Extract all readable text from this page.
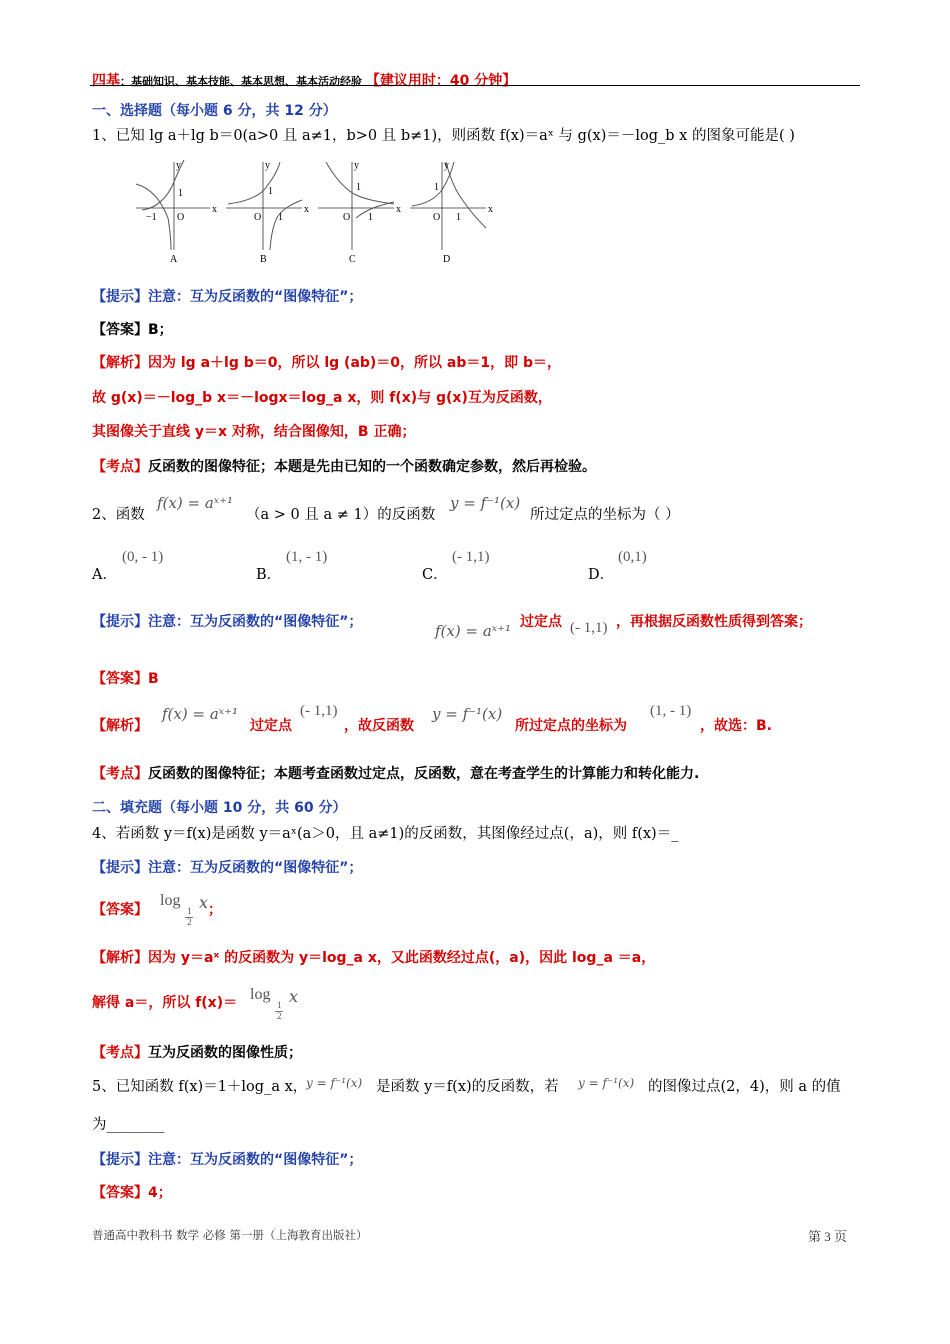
四基：基础知识、基本技能、基本思想、基本活动经验 【建议用时：40 分钟】
一、选择题（每小题 6 分，共 12 分）
1、已知 lg a＋lg b＝0(a>0 且 a≠1，b>0 且 b≠1)，则函数 f(x)＝aˣ 与 g(x)＝－log_b x 的图象可能是( )
x
y
O
1
−1
A
x
y
O
1
1
B
x
y
O
1
1
C
x
y
O
1
1
D
【提示】注意：互为反函数的“图像特征”；
【答案】B；
【解析】因为 lg a＋lg b＝0，所以 lg (ab)＝0，所以 ab＝1，即 b＝，
故 g(x)＝－log_b x＝－logx＝log_a x，则 f(x)与 g(x)互为反函数，
其图像关于直线 y＝x 对称，结合图像知，B 正确；
【考点】反函数的图像特征；本题是先由已知的一个函数确定参数，然后再检验。
2、函数
f(x) = aˣ⁺¹
（a > 0 且 a ≠ 1）的反函数
y = f⁻¹(x)
所过定点的坐标为（ ）
A．
(0, - 1)
B．
(1, - 1)
C．
(- 1,1)
D．
(0,1)
【提示】注意：互为反函数的“图像特征”；	f(x) = aˣ⁺¹ 过定点 (- 1,1) ，再根据反函数性质得到答案；
【答案】B
【解析】
f(x) = aˣ⁺¹
过定点
(- 1,1)
，故反函数
y = f⁻¹(x)
所过定点的坐标为
(1, - 1)
，故选：B.
【考点】反函数的图像特征；本题考查函数过定点，反函数，意在考查学生的计算能力和转化能力.
二、填充题（每小题 10 分，共 60 分）
4、若函数 y＝f(x)是函数 y＝aˣ(a＞0，且 a≠1)的反函数，其图像经过点(，a)，则 f(x)＝_
【提示】注意：互为反函数的“图像特征”；
【答案】
log
1
2
x ；
【解析】因为 y＝aˣ 的反函数为 y＝log_a x，又此函数经过点(，a)，因此 log_a ＝a，
解得 a＝，所以 f(x)＝ log
1
2
x
【考点】互为反函数的图像性质；
5、已知函数 f(x)＝1＋log_a x，
y = f⁻¹(x) 是函数 y＝f(x)的反函数，若 y = f⁻¹(x) 的图像过点(2，4)，则 a 的值
为________
【提示】注意：互为反函数的“图像特征”；
【答案】4；
普通高中教科书 数学 必修 第一册（上海教育出版社）	第 3 页
